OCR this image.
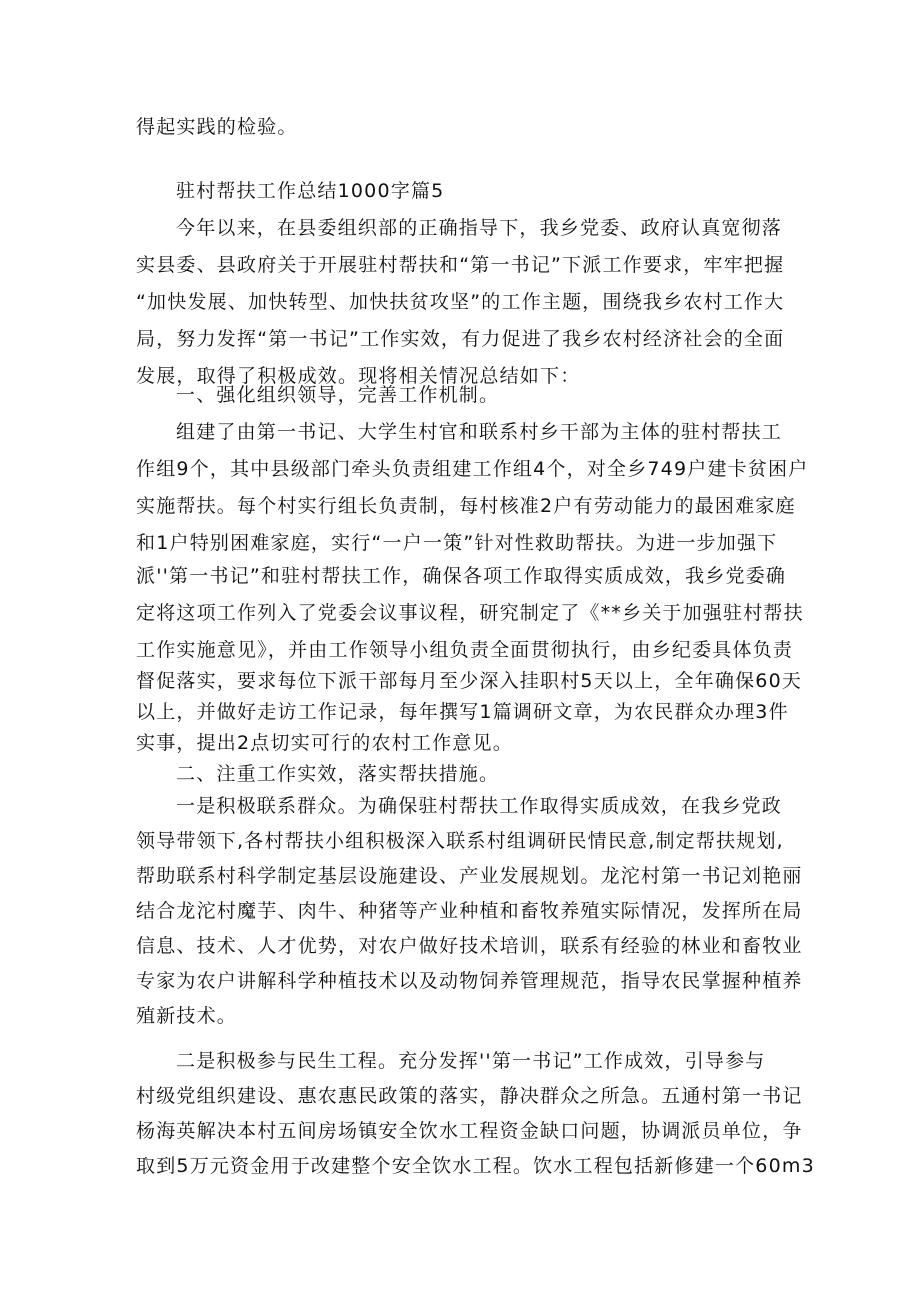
得起实践的检验。

驻村帮扶工作总结1000字篇5

今年以来，在县委组织部的正确指导下，我乡党委、政府认真宽彻落

实县委、县政府关于开展驻村帮扶和“第一书记”下派工作要求，牢牢把握

“加快发展、加快转型、加快扶贫攻坚”的工作主题，围绕我乡农村工作大

局，努力发挥“第一书记”工作实效，有力促进了我乡农村经济社会的全面

发展，取得了积极成效。现将相关情况总结如下：

一、强化组织领导，完善工作机制。

组建了由第一书记、大学生村官和联系村乡干部为主体的驻村帮扶工

作组9个，其中县级部门牵头负责组建工作组4个，对全乡749户建卡贫困户

实施帮扶。每个村实行组长负责制，每村核准2户有劳动能力的最困难家庭

和1户特别困难家庭，实行“一户一策”针对性救助帮扶。为进一步加强下

派''第一书记”和驻村帮扶工作，确保各项工作取得实质成效，我乡党委确

定将这项工作列入了党委会议事议程，研究制定了《**乡关于加强驻村帮扶

工作实施意见》，并由工作领导小组负责全面贯彻执行，由乡纪委具体负责

督促落实，要求每位下派干部每月至少深入挂职村5天以上，全年确保60天

以上，并做好走访工作记录，每年撰写1篇调研文章，为农民群众办理3件

实事，提出2点切实可行的农村工作意见。

二、注重工作实效，落实帮扶措施。

一是积极联系群众。为确保驻村帮扶工作取得实质成效，在我乡党政

领导带领下,各村帮扶小组积极深入联系村组调研民情民意,制定帮扶规划,

帮助联系村科学制定基层设施建设、产业发展规划。龙沱村第一书记刘艳丽

结合龙沱村魔芋、肉牛、种猪等产业种植和畜牧养殖实际情况，发挥所在局

信息、技术、人才优势，对农户做好技术培训，联系有经验的林业和畜牧业

专家为农户讲解科学种植技术以及动物饲养管理规范，指导农民掌握种植养

殖新技术。

二是积极参与民生工程。充分发挥''第一书记”工作成效，引导参与

村级党组织建设、惠农惠民政策的落实，静决群众之所急。五通村第一书记

杨海英解决本村五间房场镇安全饮水工程资金缺口问题，协调派员单位，争

取到5万元资金用于改建整个安全饮水工程。饮水工程包括新修建一个60m3
